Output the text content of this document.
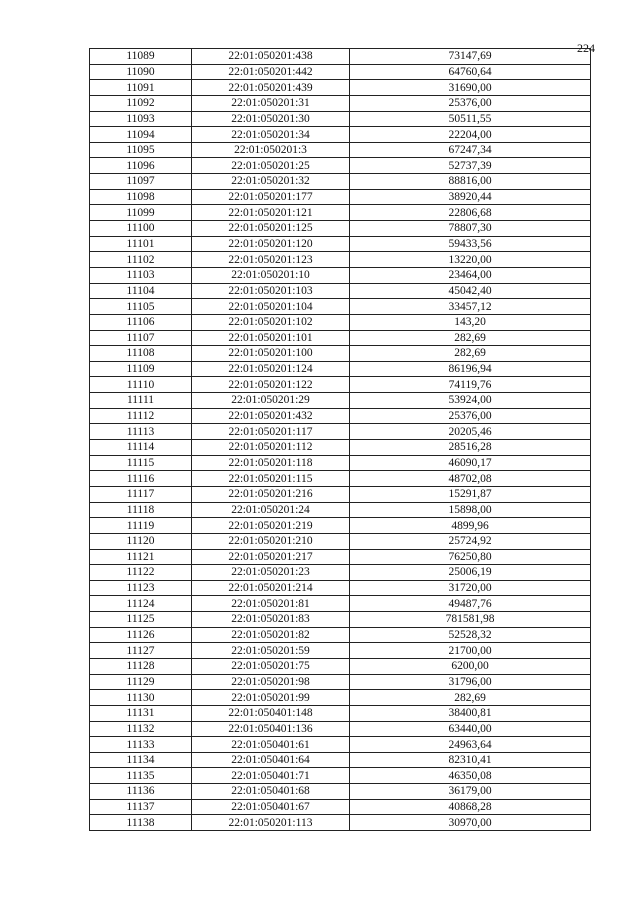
224
11089	22:01:050201:438	73147,69
11090	22:01:050201:442	64760,64
11091	22:01:050201:439	31690,00
11092	22:01:050201:31	25376,00
11093	22:01:050201:30	50511,55
11094	22:01:050201:34	22204,00
11095	22:01:050201:3	67247,34
11096	22:01:050201:25	52737,39
11097	22:01:050201:32	88816,00
11098	22:01:050201:177	38920,44
11099	22:01:050201:121	22806,68
11100	22:01:050201:125	78807,30
11101	22:01:050201:120	59433,56
11102	22:01:050201:123	13220,00
11103	22:01:050201:10	23464,00
11104	22:01:050201:103	45042,40
11105	22:01:050201:104	33457,12
11106	22:01:050201:102	143,20
11107	22:01:050201:101	282,69
11108	22:01:050201:100	282,69
11109	22:01:050201:124	86196,94
11110	22:01:050201:122	74119,76
11111	22:01:050201:29	53924,00
11112	22:01:050201:432	25376,00
11113	22:01:050201:117	20205,46
11114	22:01:050201:112	28516,28
11115	22:01:050201:118	46090,17
11116	22:01:050201:115	48702,08
11117	22:01:050201:216	15291,87
11118	22:01:050201:24	15898,00
11119	22:01:050201:219	4899,96
11120	22:01:050201:210	25724,92
11121	22:01:050201:217	76250,80
11122	22:01:050201:23	25006,19
11123	22:01:050201:214	31720,00
11124	22:01:050201:81	49487,76
11125	22:01:050201:83	781581,98
11126	22:01:050201:82	52528,32
11127	22:01:050201:59	21700,00
11128	22:01:050201:75	6200,00
11129	22:01:050201:98	31796,00
11130	22:01:050201:99	282,69
11131	22:01:050401:148	38400,81
11132	22:01:050401:136	63440,00
11133	22:01:050401:61	24963,64
11134	22:01:050401:64	82310,41
11135	22:01:050401:71	46350,08
11136	22:01:050401:68	36179,00
11137	22:01:050401:67	40868,28
11138	22:01:050201:113	30970,00
